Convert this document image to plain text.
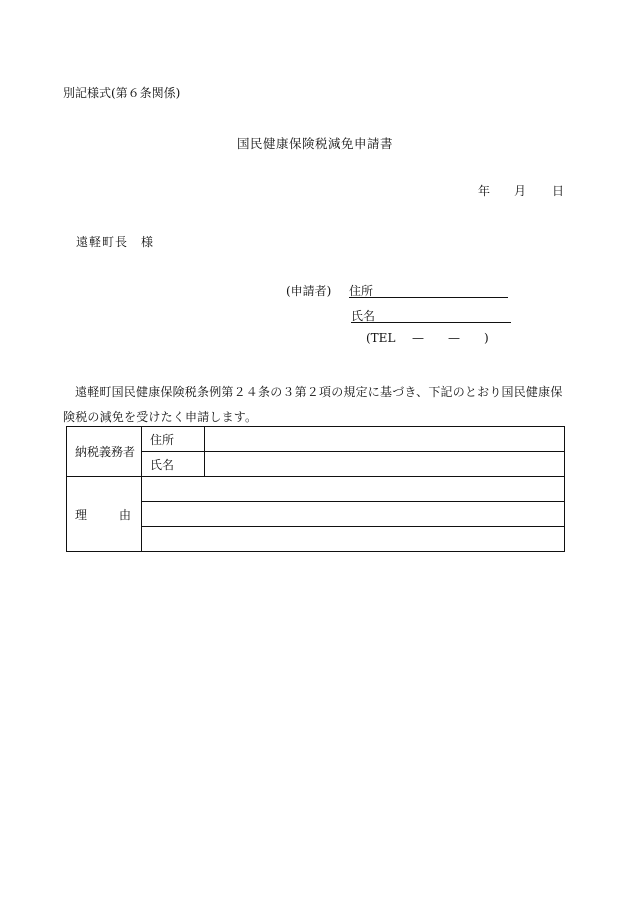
別記様式(第６条関係)
国民健康保険税減免申請書
年 月 日
遠軽町長　様
(申請者) 住所
氏名
(TEL — — )
遠軽町国民健康保険税条例第２４条の３第２項の規定に基づき、下記のとおり国民健康保険税の減免を受けたく申請します。
納税義務者	住所	
	氏名	

理 由		
